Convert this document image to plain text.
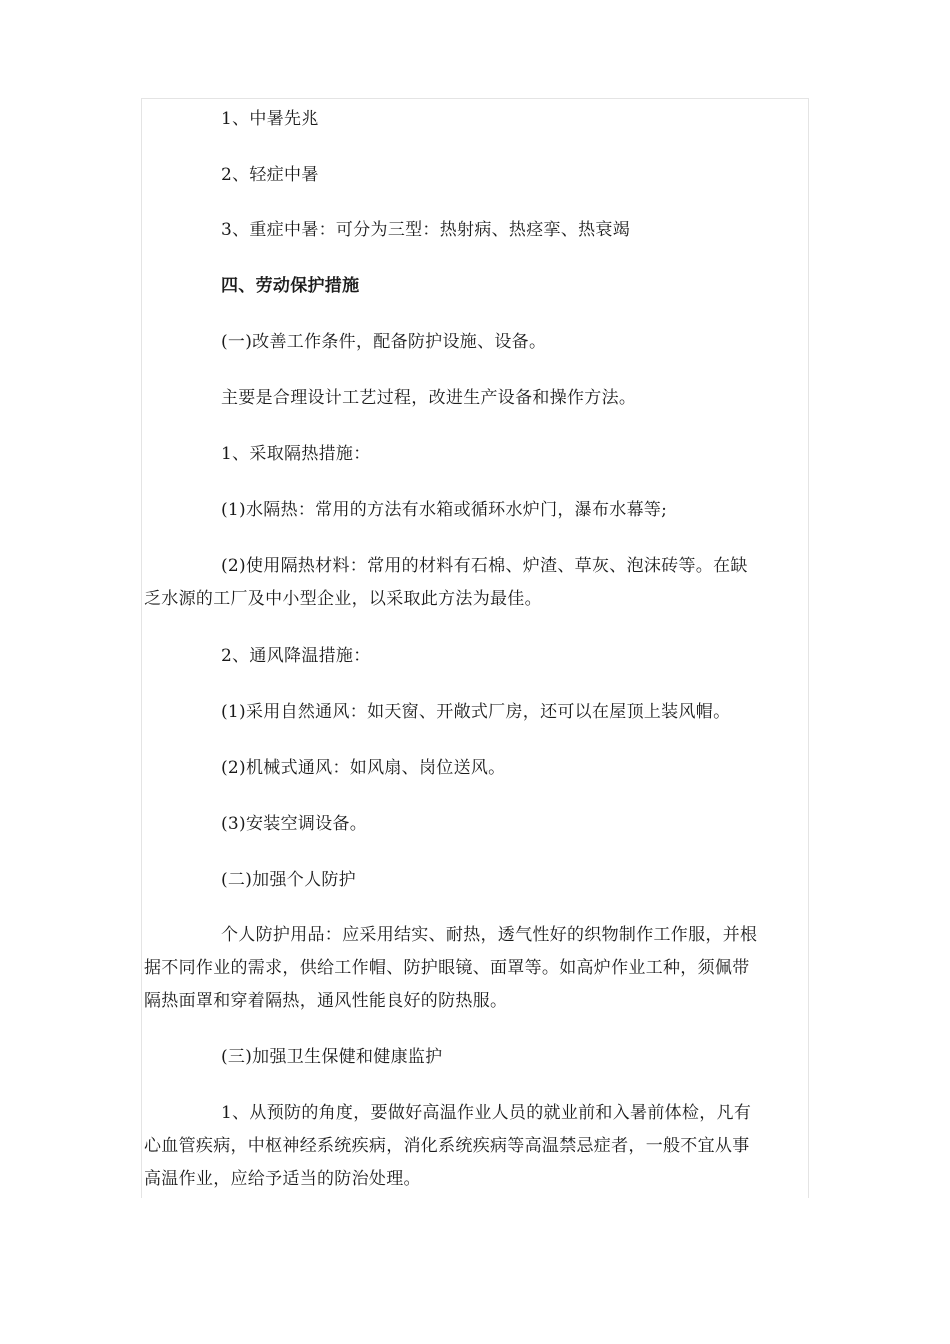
1、中暑先兆
2、轻症中暑
3、重症中暑：可分为三型：热射病、热痉挛、热衰竭
四、劳动保护措施
(一)改善工作条件，配备防护设施、设备。
主要是合理设计工艺过程，改进生产设备和操作方法。
1、采取隔热措施：
(1)水隔热：常用的方法有水箱或循环水炉门，瀑布水幕等;
(2)使用隔热材料：常用的材料有石棉、炉渣、草灰、泡沫砖等。在缺
乏水源的工厂及中小型企业，以采取此方法为最佳。
2、通风降温措施：
(1)采用自然通风：如天窗、开敞式厂房，还可以在屋顶上装风帽。
(2)机械式通风：如风扇、岗位送风。
(3)安装空调设备。
(二)加强个人防护
个人防护用品：应采用结实、耐热，透气性好的织物制作工作服，并根
据不同作业的需求，供给工作帽、防护眼镜、面罩等。如高炉作业工种，须佩带
隔热面罩和穿着隔热，通风性能良好的防热服。
(三)加强卫生保健和健康监护
1、从预防的角度，要做好高温作业人员的就业前和入暑前体检，凡有
心血管疾病，中枢神经系统疾病，消化系统疾病等高温禁忌症者，一般不宜从事
高温作业，应给予适当的防治处理。
